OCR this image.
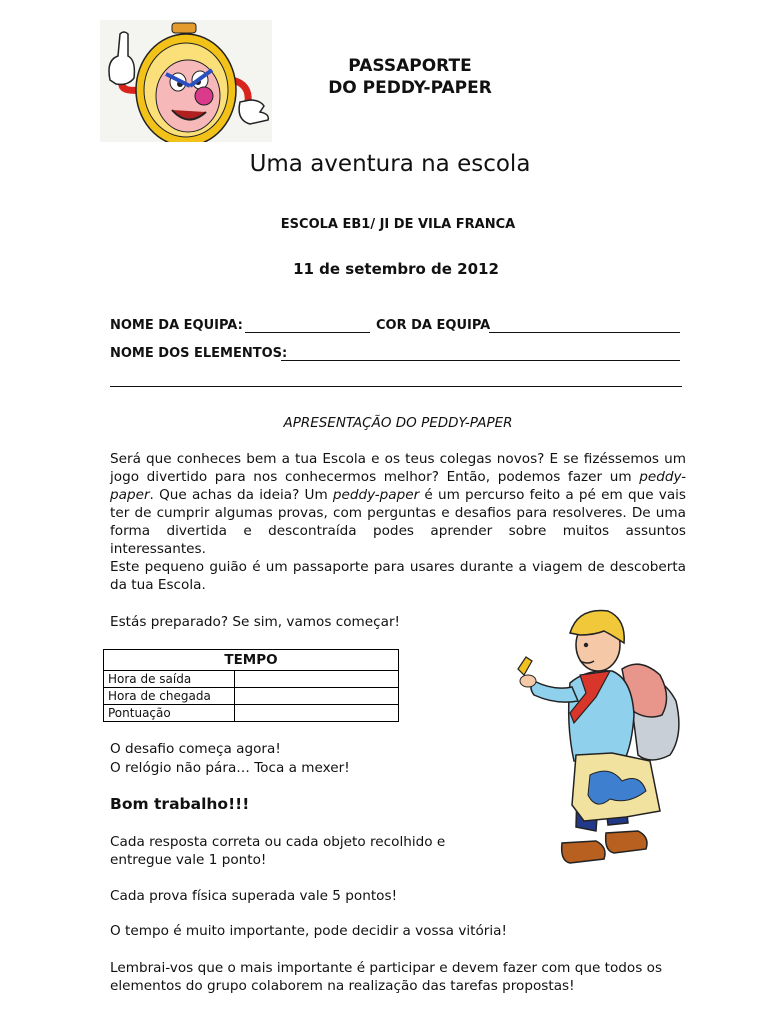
PASSAPORTE
DO PEDDY-PAPER
Uma aventura na escola
ESCOLA EB1/ JI DE VILA FRANCA
11 de setembro de 2012
NOME DA EQUIPA:	COR DA EQUIPA
NOME DOS ELEMENTOS:
APRESENTAÇÃO DO PEDDY-PAPER
Será que conheces bem a tua Escola e os teus colegas novos? E se fizéssemos um jogo divertido para nos conhecermos melhor? Então, podemos fazer um peddy-paper. Que achas da ideia? Um peddy-paper é um percurso feito a pé em que vais ter de cumprir algumas provas, com perguntas e desafios para resolveres. De uma forma divertida e descontraída podes aprender sobre muitos assuntos interessantes.
Este pequeno guião é um passaporte para usares durante a viagem de descoberta da tua Escola.
Estás preparado? Se sim, vamos começar!
TEMPO	
Hora de saída	
Hora de chegada	
Pontuação	
O desafio começa agora!
O relógio não pára… Toca a mexer!
Bom trabalho!!!
Cada resposta correta ou cada objeto recolhido e entregue vale 1 ponto!
Cada prova física superada vale 5 pontos!
O tempo é muito importante, pode decidir a vossa vitória!
Lembrai-vos que o mais importante é participar e devem fazer com que todos os elementos do grupo colaborem na realização das tarefas propostas!
